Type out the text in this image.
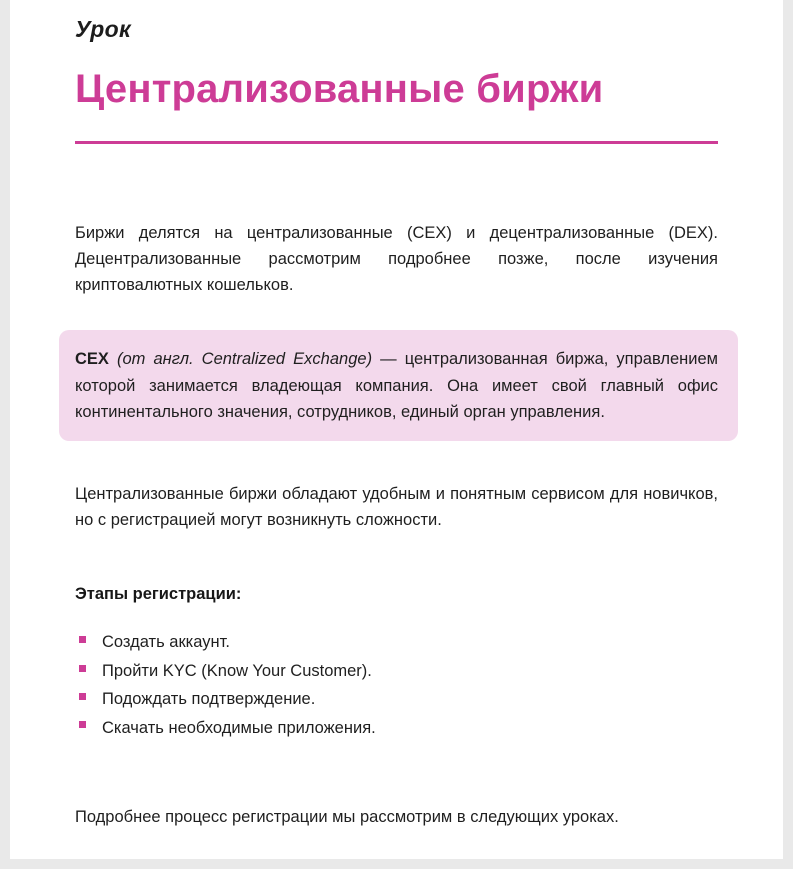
Урок
Централизованные биржи

Биржи делятся на централизованные (CEX) и децентрализованные (DEX). Децентрализованные рассмотрим подробнее позже, после изучения криптовалютных кошельков.

CEX (от англ. Centralized Exchange) — централизованная биржа, управлением которой занимается владеющая компания. Она имеет свой главный офис континентального значения, сотрудников, единый орган управления.

Централизованные биржи обладают удобным и понятным сервисом для новичков, но с регистрацией могут возникнуть сложности.

Этапы регистрации:
Создать аккаунт.
Пройти KYC (Know Your Customer).
Подождать подтверждение.
Скачать необходимые приложения.

Подробнее процесс регистрации мы рассмотрим в следующих уроках.
